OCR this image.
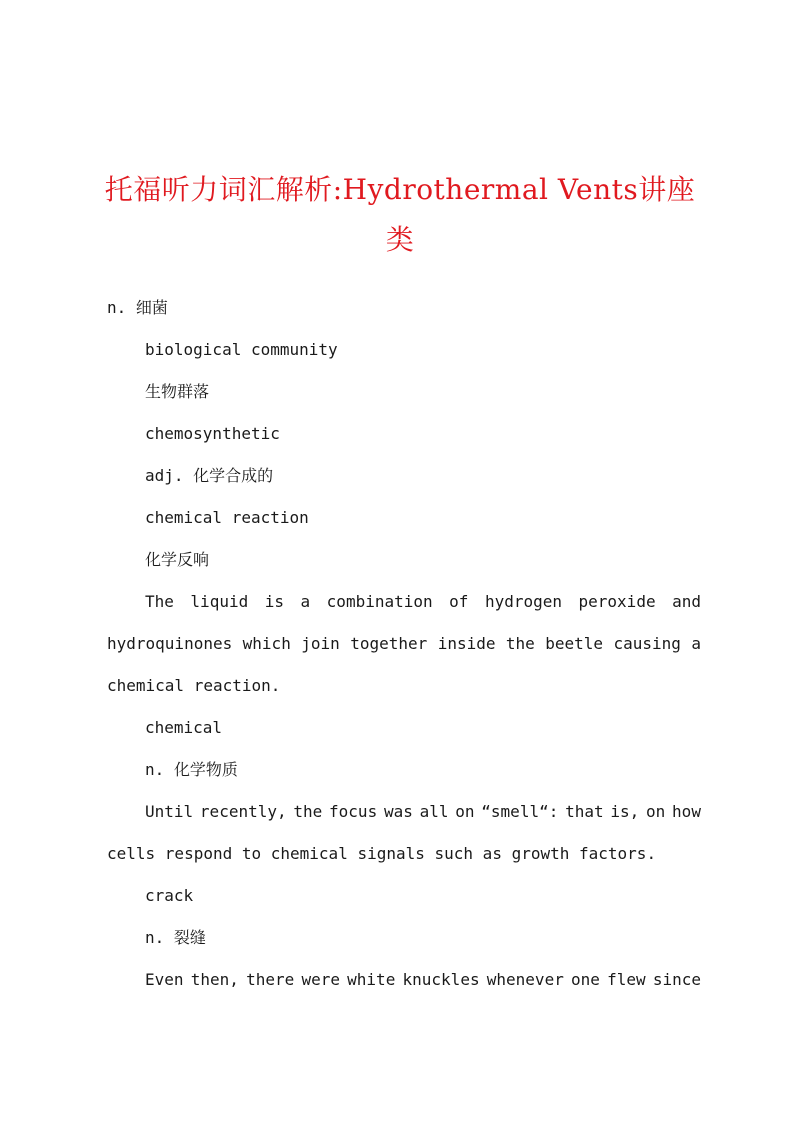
托福听力词汇解析:Hydrothermal Vents讲座
类
n. 细菌
biological community
生物群落
chemosynthetic
adj. 化学合成的
chemical reaction
化学反响
The liquid is a combination of hydrogen peroxide and
hydroquinones which join together inside the beetle causing a
chemical reaction.
chemical
n. 化学物质
Until recently, the focus was all on “smell“: that is, on how
cells respond to chemical signals such as growth factors.
crack
n. 裂缝
Even then, there were white knuckles whenever one flew since
